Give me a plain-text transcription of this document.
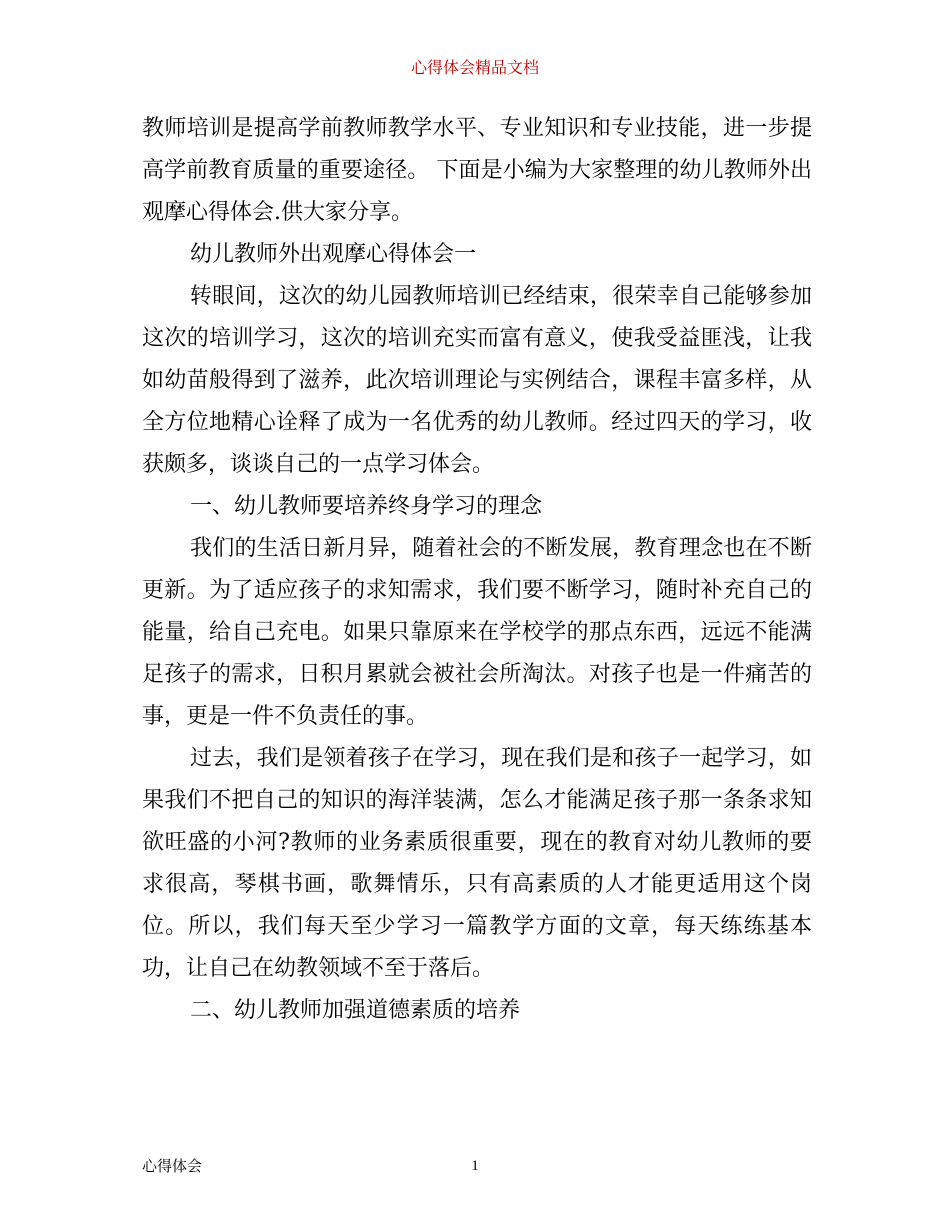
心得体会精品文档

教师培训是提高学前教师教学水平、专业知识和专业技能，进一步提高学前教育质量的重要途径。 下面是小编为大家整理的幼儿教师外出观摩心得体会.供大家分享。

幼儿教师外出观摩心得体会一

转眼间，这次的幼儿园教师培训已经结束，很荣幸自己能够参加这次的培训学习，这次的培训充实而富有意义，使我受益匪浅，让我如幼苗般得到了滋养，此次培训理论与实例结合，课程丰富多样，从全方位地精心诠释了成为一名优秀的幼儿教师。经过四天的学习，收获颇多，谈谈自己的一点学习体会。

一、幼儿教师要培养终身学习的理念

我们的生活日新月异，随着社会的不断发展，教育理念也在不断更新。为了适应孩子的求知需求，我们要不断学习，随时补充自己的能量，给自己充电。如果只靠原来在学校学的那点东西，远远不能满足孩子的需求，日积月累就会被社会所淘汰。对孩子也是一件痛苦的事，更是一件不负责任的事。

过去，我们是领着孩子在学习，现在我们是和孩子一起学习，如果我们不把自己的知识的海洋装满，怎么才能满足孩子那一条条求知欲旺盛的小河?教师的业务素质很重要，现在的教育对幼儿教师的要求很高，琴棋书画，歌舞情乐，只有高素质的人才能更适用这个岗位。所以，我们每天至少学习一篇教学方面的文章，每天练练基本功，让自己在幼教领域不至于落后。

二、幼儿教师加强道德素质的培养

心得体会	1
